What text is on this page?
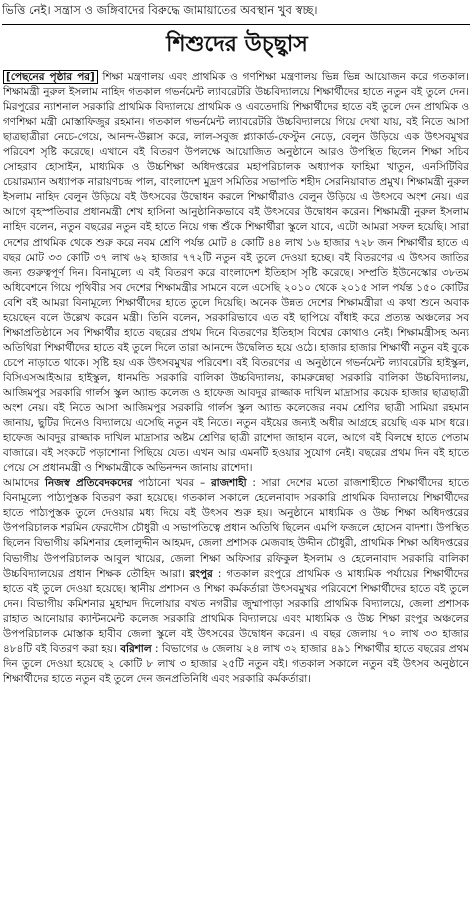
ভিত্তি নেই। সন্ত্রাস ও জঙ্গিবাদের বিরুদ্ধে জামায়াতের অবস্থান খুব স্বচ্ছ।
শিশুদের উচ্ছ্বাস

[পেছনের পৃষ্ঠার পর] শিক্ষা মন্ত্রণালয় এবং প্রাথমিক ও গণশিক্ষা মন্ত্রণালয় ভিন্ন ভিন্ন আয়োজন করে গতকাল। শিক্ষামন্ত্রী নুরুল ইসলাম নাহিদ গতকাল গভর্নমেন্ট ল্যাবরেটরি উচ্চবিদ্যালয়ে শিক্ষার্থীদের হাতে নতুন বই তুলে দেন। মিরপুরের ন্যাশনাল সরকারি প্রাথমিক বিদ্যালয়ে প্রাথমিক ও এবতেদায়ি শিক্ষার্থীদের হাতে বই তুলে দেন প্রাথমিক ও গণশিক্ষা মন্ত্রী মোস্তাফিজুর রহমান। গতকাল গভর্নমেন্ট ল্যাবরেটরি উচ্চবিদ্যালয়ে গিয়ে দেখা যায়, বই নিতে আসা ছাত্রছাত্রীরা নেচে-গেয়ে, আনন্দ-উল্লাস করে, লাল-সবুজ প্ল্যাকার্ড-ফেস্টুন নেড়ে, বেলুন উড়িয়ে এক উৎসবমুখর পরিবেশ সৃষ্টি করেছে। এখানে বই বিতরণ উপলক্ষে আয়োজিত অনুষ্ঠানে আরও উপস্থিত ছিলেন শিক্ষা সচিব সোহরাব হোসাইন, মাধ্যমিক ও উচ্চশিক্ষা অধিদপ্তরের মহাপরিচালক অধ্যাপক ফাহিমা খাতুন, এনসিটিবির চেয়ারম্যান অধ্যাপক নারায়ণচন্দ্র পাল, বাংলাদেশ মুদ্রণ সমিতির সভাপতি শহীদ সেরনিয়াবাত প্রমুখ। শিক্ষামন্ত্রী নুরুল ইসলাম নাহিদ বেলুন উড়িয়ে বই উৎসবের উদ্বোধন করলে শিক্ষার্থীরাও বেলুন উড়িয়ে এ উৎসবে অংশ নেয়। এর আগে বৃহস্পতিবার প্রধানমন্ত্রী শেখ হাসিনা আনুষ্ঠানিকভাবে বই উৎসবের উদ্বোধন করেন। শিক্ষামন্ত্রী নুরুল ইসলাম নাহিদ বলেন, নতুন বছরের নতুন বই হাতে নিয়ে গন্ধ শুঁকে শিক্ষার্থীরা স্কুলে যাবে, এটাে আমরা সফল হয়েছি। সারা দেশের প্রাথমিক থেকে শুরু করে নবম শ্রেণি পর্যন্ত মোট ৪ কোটি ৪৪ লাখ ১৬ হাজার ৭২৮ জন শিক্ষার্থীর হাতে এ বছর মোট ৩৩ কোটি ৩৭ লাখ ৬২ হাজার ৭৭২টি নতুন বই তুলে দেওয়া হচ্ছে। বই বিতরণের এ উৎসব জাতির জন্য গুরুত্বপূর্ণ দিন। বিনামূল্যে এ বই বিতরণ করে বাংলাদেশ ইতিহাস সৃষ্টি করেছে। সম্প্রতি ইউনেস্কোর ৩৮তম অধিবেশনে গিয়ে পৃথিবীর সব দেশের শিক্ষামন্ত্রীর সামনে বলে এসেছি ২০১০ থেকে ২০১৫ সাল পর্যন্ত ১৫০ কোটির বেশি বই আমরা বিনামূল্যে শিক্ষার্থীদের হাতে তুলে দিয়েছি। অনেক উন্নত দেশের শিক্ষামন্ত্রীরা এ কথা শুনে অবাক হয়েছেন বলে উল্লেখ করেন মন্ত্রী। তিনি বলেন, সরকারিভাবে এত বই ছাপিয়ে বাঁধাই করে প্রত্যন্ত অঞ্চলের সব শিক্ষাপ্রতিষ্ঠানে সব শিক্ষার্থীর হাতে বছরের প্রথম দিনে বিতরণের ইতিহাস বিশ্বের কোথাও নেই। শিক্ষামন্ত্রীসহ অন্য অতিথিরা শিক্ষার্থীদের হাতে বই তুলে দিলে তারা আনন্দে উদ্বেলিত হয়ে ওঠে। হাজার হাজার শিক্ষার্থী নতুন বই বুকে চেপে নাড়াতে থাকে। সৃষ্টি হয় এক উৎসবমুখর পরিবেশ। বই বিতরণের এ অনুষ্ঠানে গভর্নমেন্ট ল্যাবরেটরি হাইস্কুল, বিসিএসআইআর হাইস্কুল, ধানমন্ডি সরকারি বালিকা উচ্চবিদ্যালয়, কামরুন্নেছা সরকারি বালিকা উচ্চবিদ্যালয়, আজিমপুর সরকারি গার্লস স্কুল অ্যান্ড কলেজ ও হাফেজ আবদুর রাজ্জাক দাখিল মাদ্রাসার কয়েক হাজার ছাত্রছাত্রী অংশ নেয়। বই নিতে আসা আজিমপুর সরকারি গার্লস স্কুল অ্যান্ড কলেজের নবম শ্রেণির ছাত্রী সামিয়া রহমান জানায়, ছুটির দিনেও বিদ্যালয়ে এসেছি নতুন বই নিতে। নতুন বইয়ের জন্যই অধীর আগ্রহে রয়েছি এক মাস ধরে। হাফেজ আবদুর রাজ্জাক দাখিল মাদ্রাসার অষ্টম শ্রেণির ছাত্রী রাশেদা জাহান বলে, আগে বই বিলম্বে হাতে পেতাম বাজারে। বই সংকটে পড়াশোনা পিছিয়ে যেত। এখন আর এমনটি হওয়ার সুযোগ নেই। বছরের প্রথম দিন বই হাতে পেয়ে সে প্রধানমন্ত্রী ও শিক্ষামন্ত্রীকে অভিনন্দন জানায় রাশেদা।

আমাদের নিজস্ব প্রতিবেদকদের পাঠানো খবর – রাজশাহী : সারা দেশের মতো রাজশাহীতে শিক্ষার্থীদের হাতে বিনামূল্যে পাঠ্যপুস্তক বিতরণ করা হয়েছে। গতকাল সকালে হেলেনাবাদ সরকারি প্রাথমিক বিদ্যালয়ে শিক্ষার্থীদের হাতে পাঠ্যপুস্তক তুলে দেওয়ার মধ্য দিয়ে বই উৎসব শুরু হয়। অনুষ্ঠানে মাধ্যমিক ও উচ্চ শিক্ষা অধিদপ্তরের উপপরিচালক শরমিন ফেরদৌস চৌধুরী এ সভাপতিত্বে প্রধান অতিথি ছিলেন এমপি ফজলে হোসেন বাদশা। উপস্থিত ছিলেন বিভাগীয় কমিশনার হেলালুদ্দীন আহমদ, জেলা প্রশাসক মেজবাহ উদ্দীন চৌধুরী, প্রাথমিক শিক্ষা অধিদপ্তরের বিভাগীয় উপপরিচালক আবুল খায়ের, জেলা শিক্ষা অফিসার রফিকুল ইসলাম ও হেলেনাবাদ সরকারি বালিকা উচ্চবিদ্যালয়ের প্রধান শিক্ষক তৌহিদ আরা। রংপুর : গতকাল রংপুরে প্রাথমিক ও মাধ্যমিক পর্যায়ের শিক্ষার্থীদের হাতে বই তুলে দেওয়া হয়েছে। স্থানীয় প্রশাসন ও শিক্ষা কর্মকর্তারা উৎসবমুখর পরিবেশে শিক্ষার্থীদের হাতে বই তুলে দেন। বিভাগীয় কমিশনার মুহাম্মদ দিলোয়ার বখত নগরীর জুম্মাপাড়া সরকারি প্রাথমিক বিদ্যালয়ে, জেলা প্রশাসক রাহাত আনোয়ার ক্যান্টনমেন্ট কলেজ সরকারি প্রাথমিক বিদ্যালয়ে এবং মাধ্যমিক ও উচ্চ শিক্ষা রংপুর অঞ্চলের উপপরিচালক মোস্তাক হাবীব জেলা স্কুলে বই উৎসবের উদ্বোধন করেন। এ বছর জেলায় ৭০ লাখ ৩৩ হাজার ৪৮৪টি বই বিতরণ করা হয়। বরিশাল : বিভাগের ৬ জেলায় ২৪ লাখ ৩২ হাজার ৪৯১ শিক্ষার্থীর হাতে বছরের প্রথম দিন তুলে দেওয়া হয়েছে ২ কোটি ৮ লাখ ৩ হাজার ২৫টি নতুন বই। গতকাল সকালে নতুন বই উৎসব অনুষ্ঠানে শিক্ষার্থীদের হাতে নতুন বই তুলে দেন জনপ্রতিনিধি এবং সরকারি কর্মকর্তারা।
